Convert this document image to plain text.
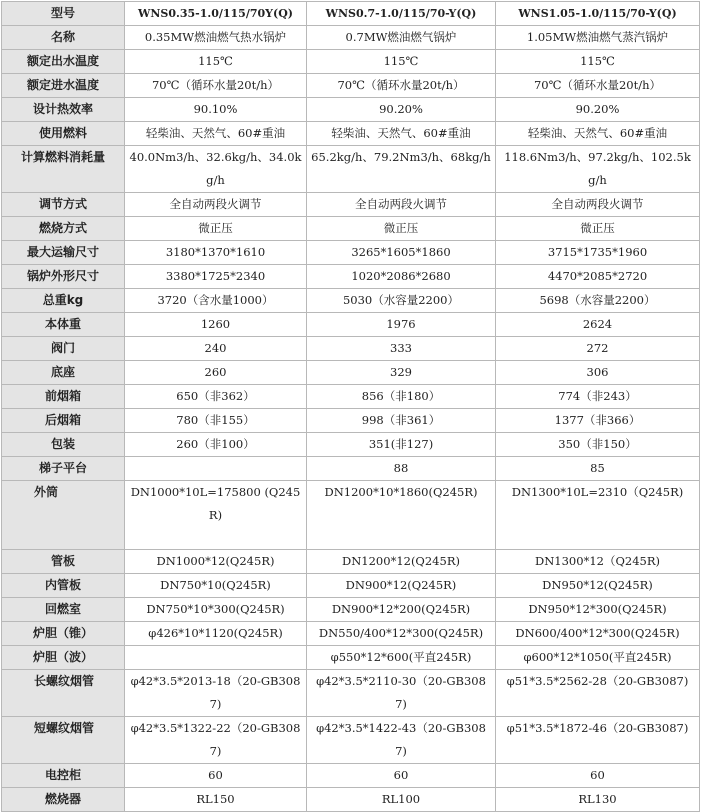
型号	WNS0.35-1.0/115/70Y(Q)	WNS0.7-1.0/115/70-Y(Q)	WNS1.05-1.0/115/70-Y(Q)
名称	0.35MW燃油燃气热水锅炉	0.7MW燃油燃气锅炉	1.05MW燃油燃气蒸汽锅炉
额定出水温度	115℃	115℃	115℃
额定进水温度	70℃（循环水量20t/h）	70℃（循环水量20t/h）	70℃（循环水量20t/h）
设计热效率	90.10%	90.20%	90.20%
使用燃料	轻柴油、天然气、60#重油	轻柴油、天然气、60#重油	轻柴油、天然气、60#重油
计算燃料消耗量	40.0Nm3/h、32.6kg/h、34.0kg/h	65.2kg/h、79.2Nm3/h、68kg/h	118.6Nm3/h、97.2kg/h、102.5kg/h
调节方式	全自动两段火调节	全自动两段火调节	全自动两段火调节
燃烧方式	微正压	微正压	微正压
最大运输尺寸	3180*1370*1610	3265*1605*1860	3715*1735*1960
锅炉外形尺寸	3380*1725*2340	1020*2086*2680	4470*2085*2720
总重kg	3720（含水量1000）	5030（水容量2200）	5698（水容量2200）
本体重	1260	1976	2624
阀门	240	333	272
底座	260	329	306
前烟箱	650（非362）	856（非180）	774（非243）
后烟箱	780（非155）	998（非361）	1377（非366）
包装	260（非100）	351(非127)	350（非150）
梯子平台		88	85
外筒	DN1000*10L=175800 (Q245R)	DN1200*10*1860(Q245R)	DN1300*10L=2310（Q245R)
管板	DN1000*12(Q245R)	DN1200*12(Q245R)	DN1300*12（Q245R)
内管板	DN750*10(Q245R)	DN900*12(Q245R)	DN950*12(Q245R)
回燃室	DN750*10*300(Q245R)	DN900*12*200(Q245R)	DN950*12*300(Q245R)
炉胆（锥）	φ426*10*1120(Q245R)	DN550/400*12*300(Q245R)	DN600/400*12*300(Q245R)
炉胆（波）		φ550*12*600(平直245R)	φ600*12*1050(平直245R)
长螺纹烟管	φ42*3.5*2013-18（20-GB3087)	φ42*3.5*2110-30（20-GB3087)	φ51*3.5*2562-28（20-GB3087)
短螺纹烟管	φ42*3.5*1322-22（20-GB3087)	φ42*3.5*1422-43（20-GB3087)	φ51*3.5*1872-46（20-GB3087)
电控柜	60	60	60
燃烧器	RL150	RL100	RL130
